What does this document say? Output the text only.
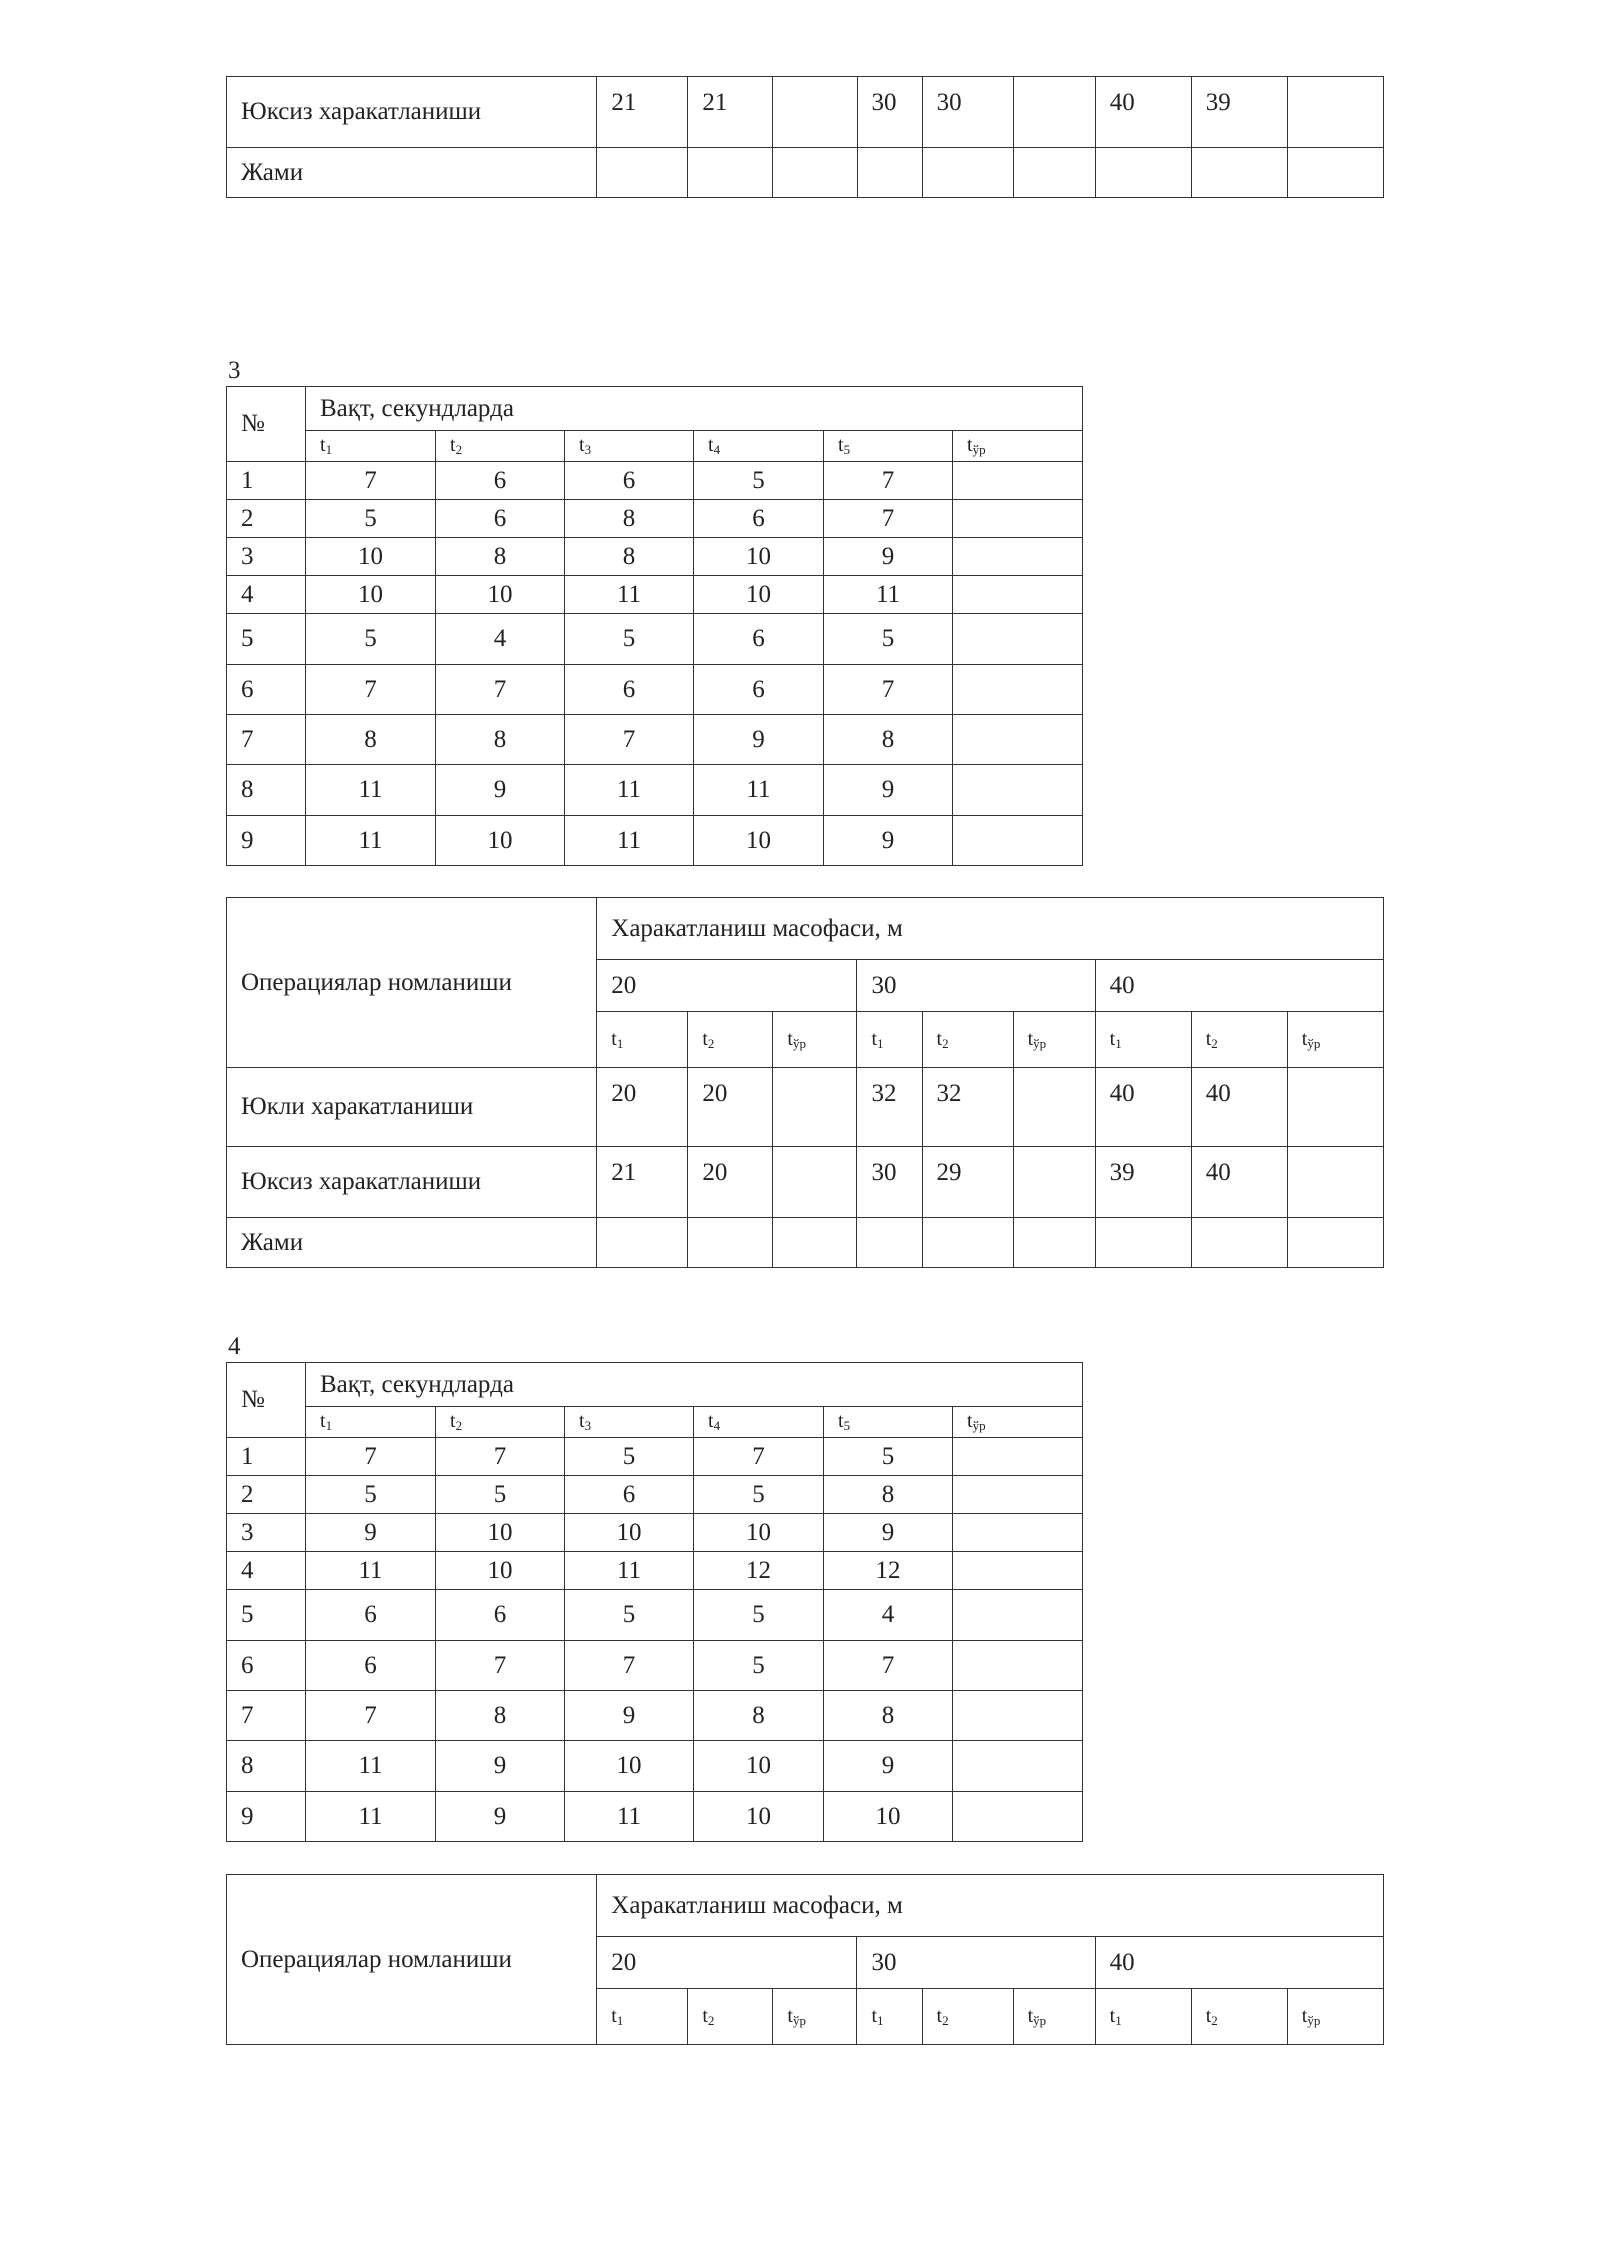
Юксиз харакатланиши	21	21		30	30		40	39	
Жами									
3
№	Вақт, секундларда					
	$t_1$	$t_2$	$t_3$	$t_4$	$t_5$	$t_{ўр}$
1	7	6	6	5	7	
2	5	6	8	6	7	
3	10	8	8	10	9	
4	10	10	11	10	11	
5	5	4	5	6	5	
6	7	7	6	6	7	
7	8	8	7	9	8	
8	11	9	11	11	9	
9	11	10	11	10	9	
Операциялар номланиши	Харакатланиш масофаси, м								
	20			30			40		
	$t_1$	$t_2$	$t_{ўр}$	$t_1$	$t_2$	$t_{ўр}$	$t_1$	$t_2$	$t_{ўр}$
Юкли харакатланиши	20	20		32	32		40	40	
Юксиз харакатланиши	21	20		30	29		39	40	
Жами									
4
№	Вақт, секундларда					
	$t_1$	$t_2$	$t_3$	$t_4$	$t_5$	$t_{ўр}$
1	7	7	5	7	5	
2	5	5	6	5	8	
3	9	10	10	10	9	
4	11	10	11	12	12	
5	6	6	5	5	4	
6	6	7	7	5	7	
7	7	8	9	8	8	
8	11	9	10	10	9	
9	11	9	11	10	10	
Операциялар номланиши	Харакатланиш масофаси, м								
	20			30			40		
	$t_1$	$t_2$	$t_{ўр}$	$t_1$	$t_2$	$t_{ўр}$	$t_1$	$t_2$	$t_{ўр}$
